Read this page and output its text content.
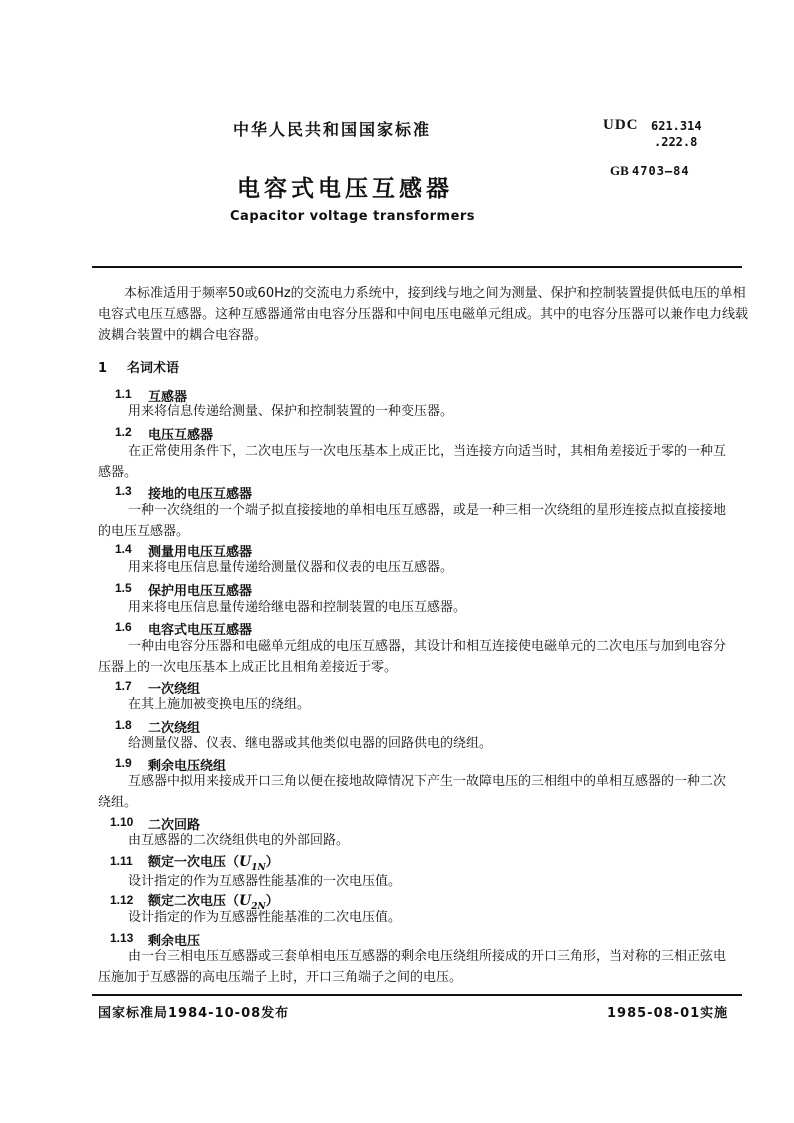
中华人民共和国国家标准	UDC 621.314
.222.8
GB 4703—84
电容式电压互感器
Capacitor voltage transformers
本标准适用于频率50或60Hz的交流电力系统中，接到线与地之间为测量、保护和控制装置提供低电压的单相电容式电压互感器。这种互感器通常由电容分压器和中间电压电磁单元组成。其中的电容分压器可以兼作电力线载波耦合装置中的耦合电容器。
1 名词术语
1.1 互感器
用来将信息传递给测量、保护和控制装置的一种变压器。
1.2 电压互感器
在正常使用条件下，二次电压与一次电压基本上成正比，当连接方向适当时，其相角差接近于零的一种互感器。
1.3 接地的电压互感器
一种一次绕组的一个端子拟直接接地的单相电压互感器，或是一种三相一次绕组的星形连接点拟直接接地的电压互感器。
1.4 测量用电压互感器
用来将电压信息量传递给测量仪器和仪表的电压互感器。
1.5 保护用电压互感器
用来将电压信息量传递给继电器和控制装置的电压互感器。
1.6 电容式电压互感器
一种由电容分压器和电磁单元组成的电压互感器，其设计和相互连接使电磁单元的二次电压与加到电容分压器上的一次电压基本上成正比且相角差接近于零。
1.7 一次绕组
在其上施加被变换电压的绕组。
1.8 二次绕组
给测量仪器、仪表、继电器或其他类似电器的回路供电的绕组。
1.9 剩余电压绕组
互感器中拟用来接成开口三角以便在接地故障情况下产生一故障电压的三相组中的单相互感器的一种二次绕组。
1.10 二次回路
由互感器的二次绕组供电的外部回路。
1.11 额定一次电压$(U_{1N})$
设计指定的作为互感器性能基准的一次电压值。
1.12 额定二次电压$(U_{2N})$
设计指定的作为互感器性能基准的二次电压值。
1.13 剩余电压
由一台三相电压互感器或三套单相电压互感器的剩余电压绕组所接成的开口三角形，当对称的三相正弦电压施加于互感器的高电压端子上时，开口三角端子之间的电压。
国家标准局1984-10-08发布	1985-08-01实施
